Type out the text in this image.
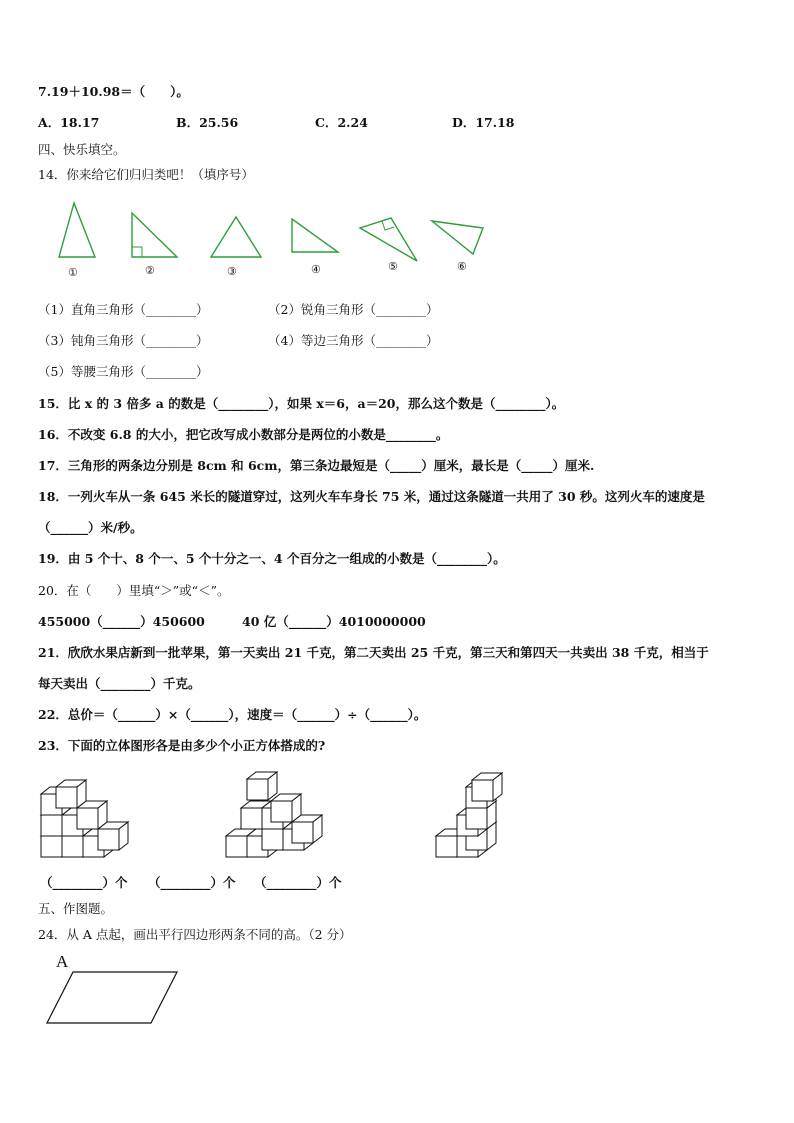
7.19＋10.98＝（　　）。
A．18.17	B．25.56	C．2.24	D．17.18
四、快乐填空。
14．你来给它们归归类吧！（填序号）
①	②	③	④	⑤	⑥
（1）直角三角形（________）	（2）锐角三角形（________）
（3）钝角三角形（________）	（4）等边三角形（________）
（5）等腰三角形（________）
15．比 x 的 3 倍多 a 的数是（________），如果 x＝6，a＝20，那么这个数是（________）。
16．不改变 6.8 的大小，把它改写成小数部分是两位的小数是________。
17．三角形的两条边分别是 8cm 和 6cm，第三条边最短是（_____）厘米，最长是（_____）厘米.
18．一列火车从一条 645 米长的隧道穿过，这列火车车身长 75 米，通过这条隧道一共用了 30 秒。这列火车的速度是
（______）米/秒。
19．由 5 个十、8 个一、5 个十分之一、4 个百分之一组成的小数是（________）。
20．在（　　）里填“＞”或“＜”。
455000（______）450600	40 亿（______）4010000000
21．欣欣水果店新到一批苹果，第一天卖出 21 千克，第二天卖出 25 千克，第三天和第四天一共卖出 38 千克，相当于
每天卖出（________）千克。
22．总价＝（______）×（______），速度＝（______）÷（______）。
23．下面的立体图形各是由多少个小正方体搭成的?
（________）个 （________）个 （________）个
五、作图题。
24．从 A 点起，画出平行四边形两条不同的高。（2 分）
A
